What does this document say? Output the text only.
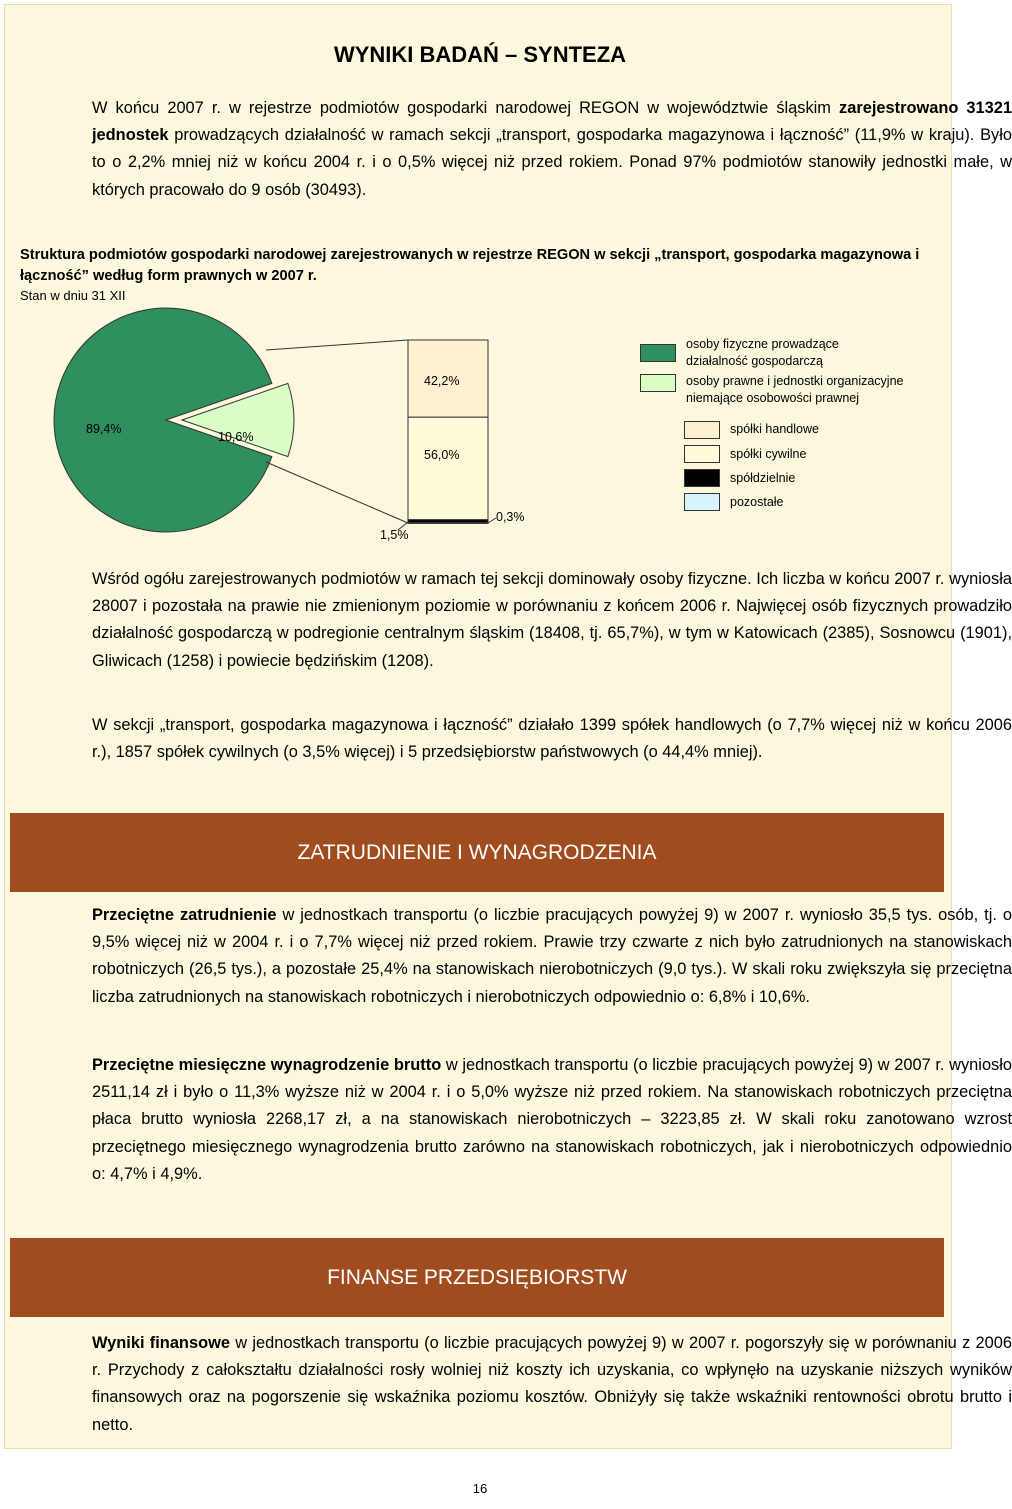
WYNIKI BADAŃ – SYNTEZA

W końcu 2007 r. w rejestrze podmiotów gospodarki narodowej REGON w województwie śląskim zarejestrowano 31321 jednostek prowadzących działalność w ramach sekcji „transport, gospodarka magazynowa i łączność” (11,9% w kraju). Było to o 2,2% mniej niż w końcu 2004 r. i o 0,5% więcej niż przed rokiem. Ponad 97% podmiotów stanowiły jednostki małe, w których pracowało do 9 osób (30493).

Struktura podmiotów gospodarki narodowej zarejestrowanych w rejestrze REGON w sekcji „transport, gospodarka magazynowa i łączność” według form prawnych w 2007 r.

Stan w dniu 31 XII
89,4%
10,6%
42,2%
56,0%
1,5%
0,3%
osoby fizyczne prowadzące działalność gospodarczą
osoby prawne i jednostki organizacyjne niemające osobowości prawnej
spółki handlowe
spółki cywilne
spółdzielnie
pozostałe

Wśród ogółu zarejestrowanych podmiotów w ramach tej sekcji dominowały osoby fizyczne. Ich liczba w końcu 2007 r. wyniosła 28007 i pozostała na prawie nie zmienionym poziomie w porównaniu z końcem 2006 r. Najwięcej osób fizycznych prowadziło działalność gospodarczą w podregionie centralnym śląskim (18408, tj. 65,7%), w tym w Katowicach (2385), Sosnowcu (1901), Gliwicach (1258) i powiecie będzińskim (1208).

W sekcji „transport, gospodarka magazynowa i łączność” działało 1399 spółek handlowych (o 7,7% więcej niż w końcu 2006 r.), 1857 spółek cywilnych (o 3,5% więcej) i 5 przedsiębiorstw państwowych (o 44,4% mniej).

ZATRUDNIENIE I WYNAGRODZENIA

Przeciętne zatrudnienie w jednostkach transportu (o liczbie pracujących powyżej 9) w 2007 r. wyniosło 35,5 tys. osób, tj. o 9,5% więcej niż w 2004 r. i o 7,7% więcej niż przed rokiem. Prawie trzy czwarte z nich było zatrudnionych na stanowiskach robotniczych (26,5 tys.), a pozostałe 25,4% na stanowiskach nierobotniczych (9,0 tys.). W skali roku zwiększyła się przeciętna liczba zatrudnionych na stanowiskach robotniczych i nierobotniczych odpowiednio o: 6,8% i 10,6%.

Przeciętne miesięczne wynagrodzenie brutto w jednostkach transportu (o liczbie pracujących powyżej 9) w 2007 r. wyniosło 2511,14 zł i było o 11,3% wyższe niż w 2004 r. i o 5,0% wyższe niż przed rokiem. Na stanowiskach robotniczych przeciętna płaca brutto wyniosła 2268,17 zł, a na stanowiskach nierobotniczych – 3223,85 zł. W skali roku zanotowano wzrost przeciętnego miesięcznego wynagrodzenia brutto zarówno na stanowiskach robotniczych, jak i nierobotniczych odpowiednio o: 4,7% i 4,9%.

FINANSE PRZEDSIĘBIORSTW

Wyniki finansowe w jednostkach transportu (o liczbie pracujących powyżej 9) w 2007 r. pogorszyły się w porównaniu z 2006 r. Przychody z całokształtu działalności rosły wolniej niż koszty ich uzyskania, co wpłynęło na uzyskanie niższych wyników finansowych oraz na pogorszenie się wskaźnika poziomu kosztów. Obniżyły się także wskaźniki rentowności obrotu brutto i netto.

16
